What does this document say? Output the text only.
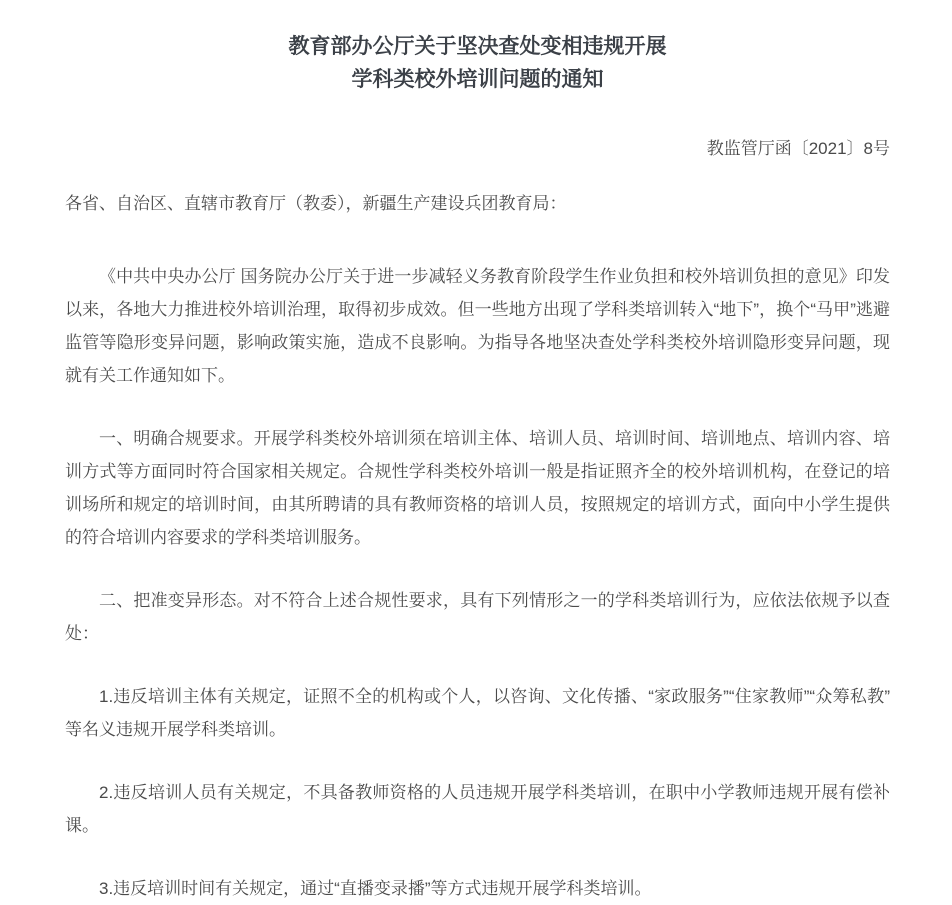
教育部办公厅关于坚决查处变相违规开展
学科类校外培训问题的通知

教监管厅函〔2021〕8号

各省、自治区、直辖市教育厅（教委），新疆生产建设兵团教育局：

《中共中央办公厅 国务院办公厅关于进一步减轻义务教育阶段学生作业负担和校外培训负担的意见》印发以来，各地大力推进校外培训治理，取得初步成效。但一些地方出现了学科类培训转入“地下”，换个“马甲”逃避监管等隐形变异问题，影响政策实施，造成不良影响。为指导各地坚决查处学科类校外培训隐形变异问题，现就有关工作通知如下。

一、明确合规要求。开展学科类校外培训须在培训主体、培训人员、培训时间、培训地点、培训内容、培训方式等方面同时符合国家相关规定。合规性学科类校外培训一般是指证照齐全的校外培训机构，在登记的培训场所和规定的培训时间，由其所聘请的具有教师资格的培训人员，按照规定的培训方式，面向中小学生提供的符合培训内容要求的学科类培训服务。

二、把准变异形态。对不符合上述合规性要求，具有下列情形之一的学科类培训行为，应依法依规予以查处：

1.违反培训主体有关规定，证照不全的机构或个人，以咨询、文化传播、“家政服务”“住家教师”“众筹私教”等名义违规开展学科类培训。

2.违反培训人员有关规定，不具备教师资格的人员违规开展学科类培训，在职中小学教师违规开展有偿补课。

3.违反培训时间有关规定，通过“直播变录播”等方式违规开展学科类培训。
